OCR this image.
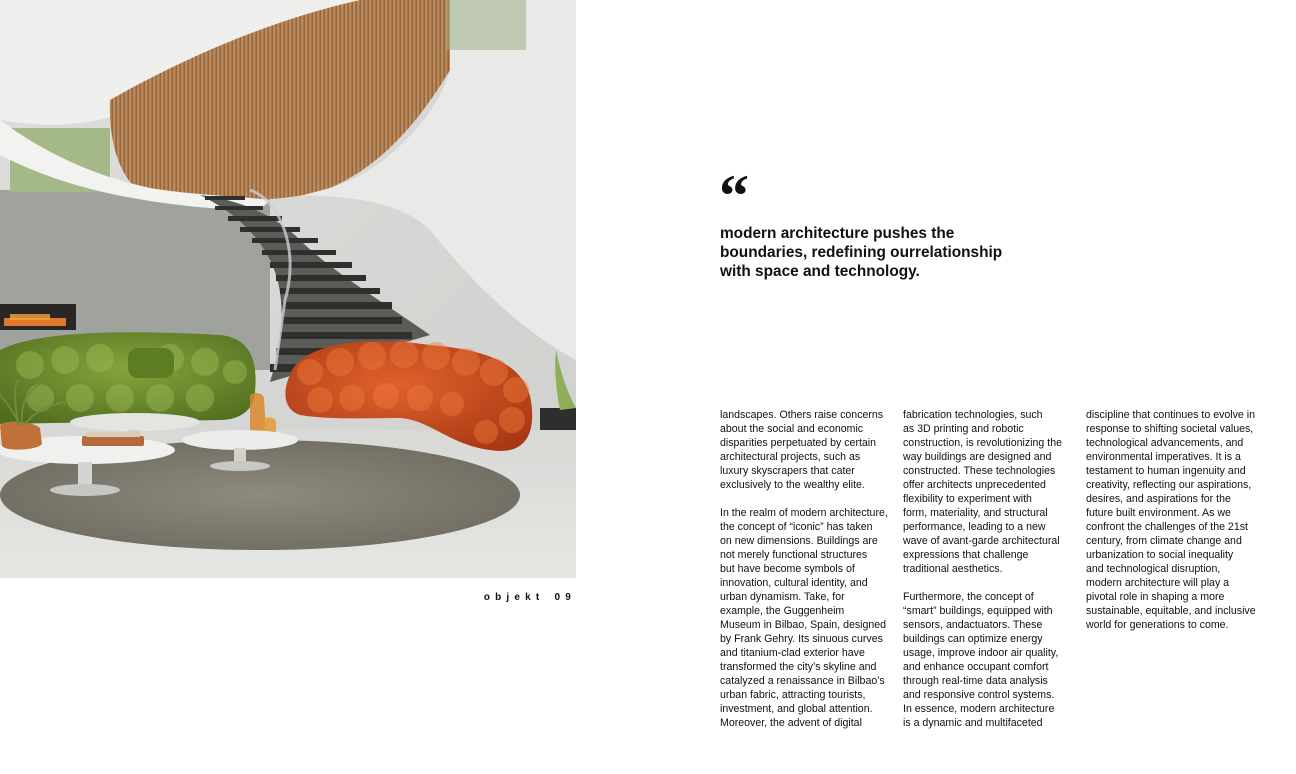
objekt 09
“

modern architecture pushes the
boundaries, redefining ourrelationship
with space and technology.

landscapes. Others raise concerns
about the social and economic
disparities perpetuated by certain
architectural projects, such as
luxury skyscrapers that cater
exclusively to the wealthy elite.

In the realm of modern architecture,
the concept of “iconic” has taken
on new dimensions. Buildings are
not merely functional structures
but have become symbols of
innovation, cultural identity, and
urban dynamism. Take, for
example, the Guggenheim
Museum in Bilbao, Spain, designed
by Frank Gehry. Its sinuous curves
and titanium-clad exterior have
transformed the city’s skyline and
catalyzed a renaissance in Bilbao’s
urban fabric, attracting tourists,
investment, and global attention.
Moreover, the advent of digital

fabrication technologies, such
as 3D printing and robotic
construction, is revolutionizing the
way buildings are designed and
constructed. These technologies
offer architects unprecedented
flexibility to experiment with
form, materiality, and structural
performance, leading to a new
wave of avant-garde architectural
expressions that challenge
traditional aesthetics.

Furthermore, the concept of
“smart” buildings, equipped with
sensors, andactuators. These
buildings can optimize energy
usage, improve indoor air quality,
and enhance occupant comfort
through real-time data analysis
and responsive control systems.
In essence, modern architecture
is a dynamic and multifaceted

discipline that continues to evolve in
response to shifting societal values,
technological advancements, and
environmental imperatives. It is a
testament to human ingenuity and
creativity, reflecting our aspirations,
desires, and aspirations for the
future built environment. As we
confront the challenges of the 21st
century, from climate change and
urbanization to social inequality
and technological disruption,
modern architecture will play a
pivotal role in shaping a more
sustainable, equitable, and inclusive
world for generations to come.
